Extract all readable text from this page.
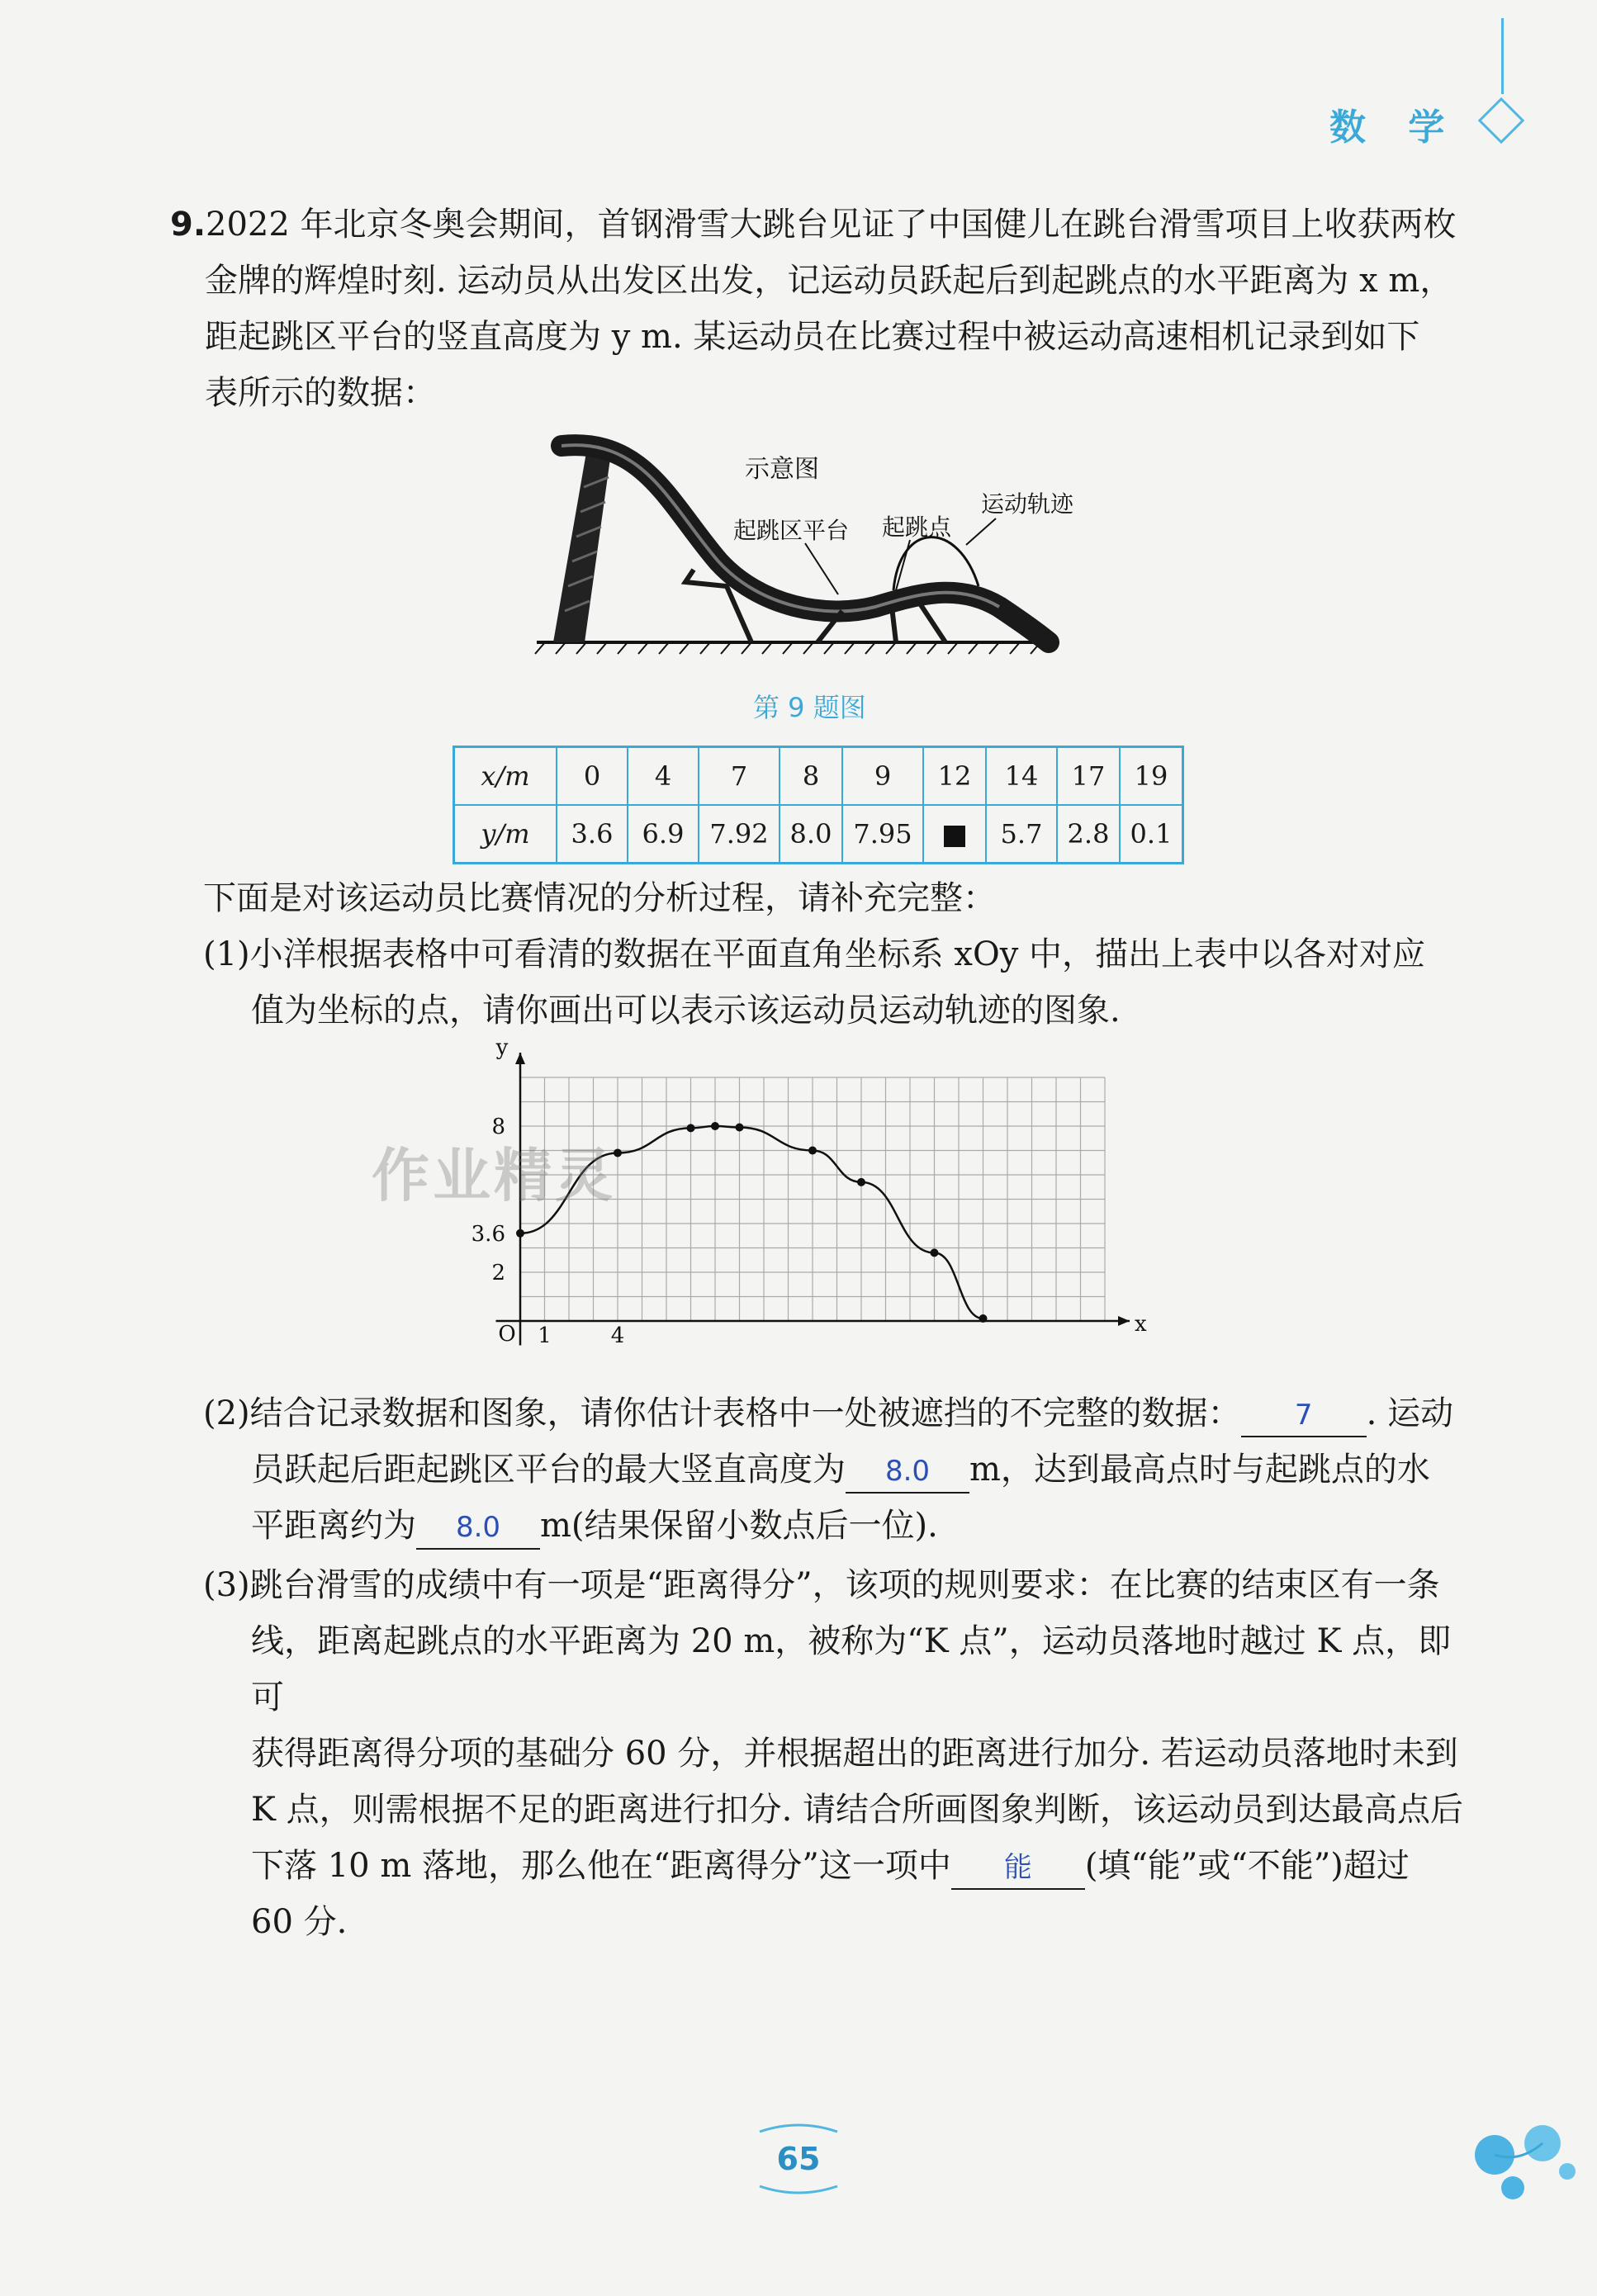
数 学
9.2022 年北京冬奥会期间，首钢滑雪大跳台见证了中国健儿在跳台滑雪项目上收获两枚
金牌的辉煌时刻. 运动员从出发区出发，记运动员跃起后到起跳点的水平距离为 x m，
距起跳区平台的竖直高度为 y m. 某运动员在比赛过程中被运动高速相机记录到如下
表所示的数据：
示意图
起跳区平台 起跳点
运动轨迹
第 9 题图
x/m	0	4	7	8	9	12	14	17	19
y/m	3.6	6.9	7.92	8.0	7.95		5.7	2.8	0.1
下面是对该运动员比赛情况的分析过程，请补充完整：
(1)小洋根据表格中可看清的数据在平面直角坐标系 xOy 中，描出上表中以各对对应
值为坐标的点，请你画出可以表示该运动员运动轨迹的图象.
O	x
y
1	4
2
3.6
8
作业精灵
(2)结合记录数据和图象，请你估计表格中一处被遮挡的不完整的数据： 7 . 运动
员跃起后距起跳区平台的最大竖直高度为 8.0 m，达到最高点时与起跳点的水
平距离约为 8.0 m(结果保留小数点后一位).
(3)跳台滑雪的成绩中有一项是“距离得分”，该项的规则要求：在比赛的结束区有一条
线，距离起跳点的水平距离为 20 m，被称为“K 点”，运动员落地时越过 K 点，即可
获得距离得分项的基础分 60 分，并根据超出的距离进行加分. 若运动员落地时未到
K 点，则需根据不足的距离进行扣分. 请结合所画图象判断，该运动员到达最高点后
下落 10 m 落地，那么他在“距离得分”这一项中 能 (填“能”或“不能”)超过
60 分.
65
